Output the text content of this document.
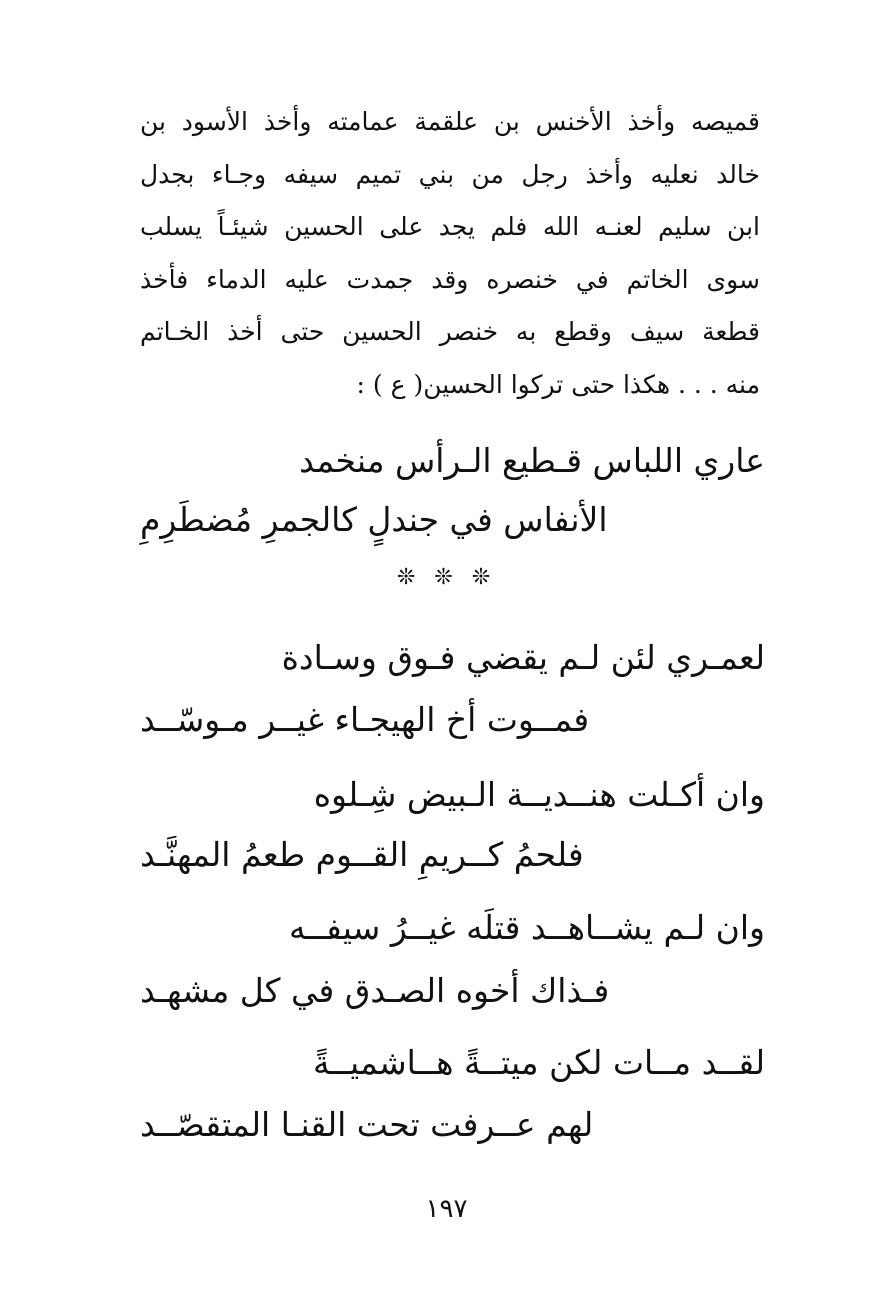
قميصه وأخذ الأخنس بن علقمة عمامته وأخذ الأسود بن
خالد نعليه وأخذ رجل من بني تميم سيفه وجـاء بجدل
ابن سليم لعنـه الله فلم يجد على الحسين شيئـاً يسلب
سوى الخاتم في خنصره وقد جمدت عليه الدماء فأخذ
قطعة سيف وقطع به خنصر الحسين حتى أخذ الخـاتم
منه . . . هكذا حتى تركوا الحسين( ع ) :
عاري اللباس قـطيع الـرأس منخمد
الأنفاس في جندلٍ كالجمرِ مُضطَرِمِ
❊ ❊ ❊
لعمـري لئن لـم يقضي فـوق وسـادة
فمــوت أخ الهيجـاء غيــر مـوسّــد
وان أكـلت هنــديــة الـبيض شِـلوه
فلحمُ كــريمِ القــوم طعمُ المهنَّـد
وان لـم يشــاهــد قتلَه غيــرُ سيفــه
فـذاك أخوه الصـدق في كل مشهـد
لقــد مــات لكن ميتــةً هــاشميــةً
لهم عــرفت تحت القنـا المتقصّــد
١٩٧
